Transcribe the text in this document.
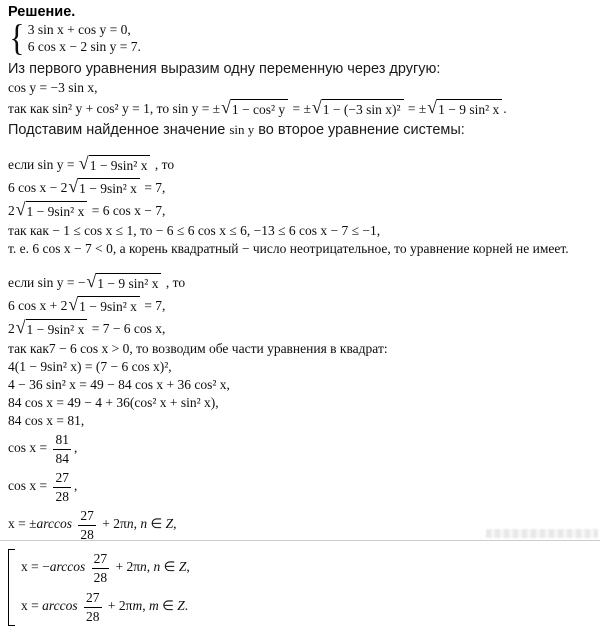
Решение.
{ 3 sin x + cos y = 0,
6 cos x − 2 sin y = 7.
Из первого уравнения выразим одну переменную через другую:
cos y = −3 sin x,
так как sin² y + cos² y = 1, то sin y = ± √ 1 − cos² y = ± √ 1 − (−3 sin x)² = ± √ 1 − 9 sin² x .
Подставим найденное значение sin y во второе уравнение системы:
если sin y = √ 1 − 9sin² x , то
6 cos x − 2 √ 1 − 9sin² x = 7,
2 √ 1 − 9sin² x = 6 cos x − 7,
так как − 1 ≤ cos x ≤ 1, то − 6 ≤ 6 cos x ≤ 6, −13 ≤ 6 cos x − 7 ≤ −1,
т. е. 6 cos x − 7 < 0, а корень квадратный − число неотрицательное, то уравнение корней не имеет.
если sin y = − √ 1 − 9 sin² x , то
6 cos x + 2 √ 1 − 9sin² x = 7,
2 √ 1 − 9sin² x = 7 − 6 cos x,
так как7 − 6 cos x > 0, то возводим обе части уравнения в квадрат:
4(1 − 9sin² x) = (7 − 6 cos x)²,
4 − 36 sin² x = 49 − 84 cos x + 36 cos² x,
84 cos x = 49 − 4 + 36(cos² x + sin² x),
84 cos x = 81,
$\cos x = \frac{81}{84}$ ,
$\cos x = \frac{27}{28}$ ,
$x = \pm\arccos \frac{27}{28} + 2\pi n$, n ∈ Z,
$x = -\arccos \frac{27}{28} + 2\pi n$, n ∈ Z,
$x = \arccos \frac{27}{28} + 2\pi m$, m ∈ Z.
